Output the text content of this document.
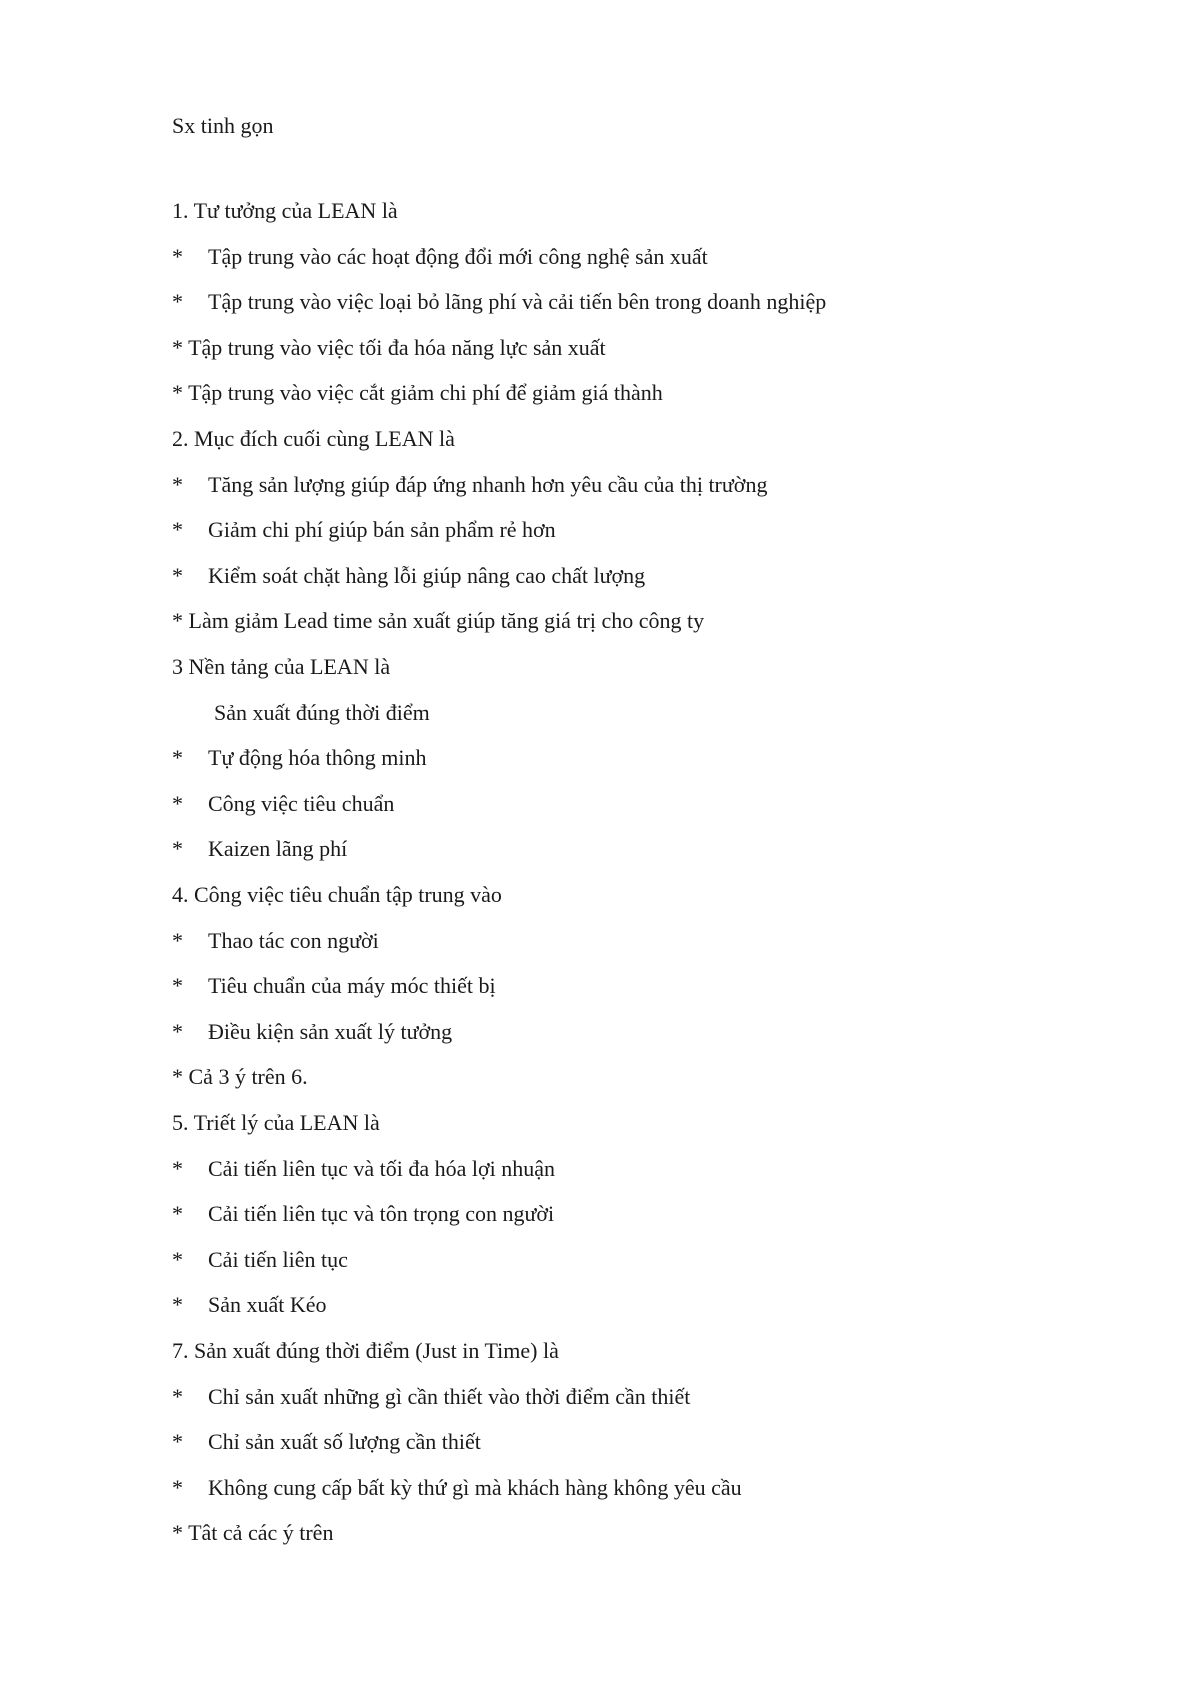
Sx tinh gọn
1. Tư tưởng của LEAN là
* Tập trung vào các hoạt động đổi mới công nghệ sản xuất
* Tập trung vào việc loại bỏ lãng phí và cải tiến bên trong doanh nghiệp
* Tập trung vào việc tối đa hóa năng lực sản xuất
* Tập trung vào việc cắt giảm chi phí để giảm giá thành
2. Mục đích cuối cùng LEAN là
* Tăng sản lượng giúp đáp ứng nhanh hơn yêu cầu của thị trường
* Giảm chi phí giúp bán sản phẩm rẻ hơn
* Kiểm soát chặt hàng lỗi giúp nâng cao chất lượng
* Làm giảm Lead time sản xuất giúp tăng giá trị cho công ty
3 Nền tảng của LEAN là
Sản xuất đúng thời điểm
* Tự động hóa thông minh
* Công việc tiêu chuẩn
* Kaizen lãng phí
4. Công việc tiêu chuẩn tập trung vào
* Thao tác con người
* Tiêu chuẩn của máy móc thiết bị
* Điều kiện sản xuất lý tưởng
* Cả 3 ý trên 6.
5. Triết lý của LEAN là
* Cải tiến liên tục và tối đa hóa lợi nhuận
* Cải tiến liên tục và tôn trọng con người
* Cải tiến liên tục
* Sản xuất Kéo
7. Sản xuất đúng thời điểm (Just in Time) là
* Chỉ sản xuất những gì cần thiết vào thời điểm cần thiết
* Chỉ sản xuất số lượng cần thiết
* Không cung cấp bất kỳ thứ gì mà khách hàng không yêu cầu
* Tât cả các ý trên
